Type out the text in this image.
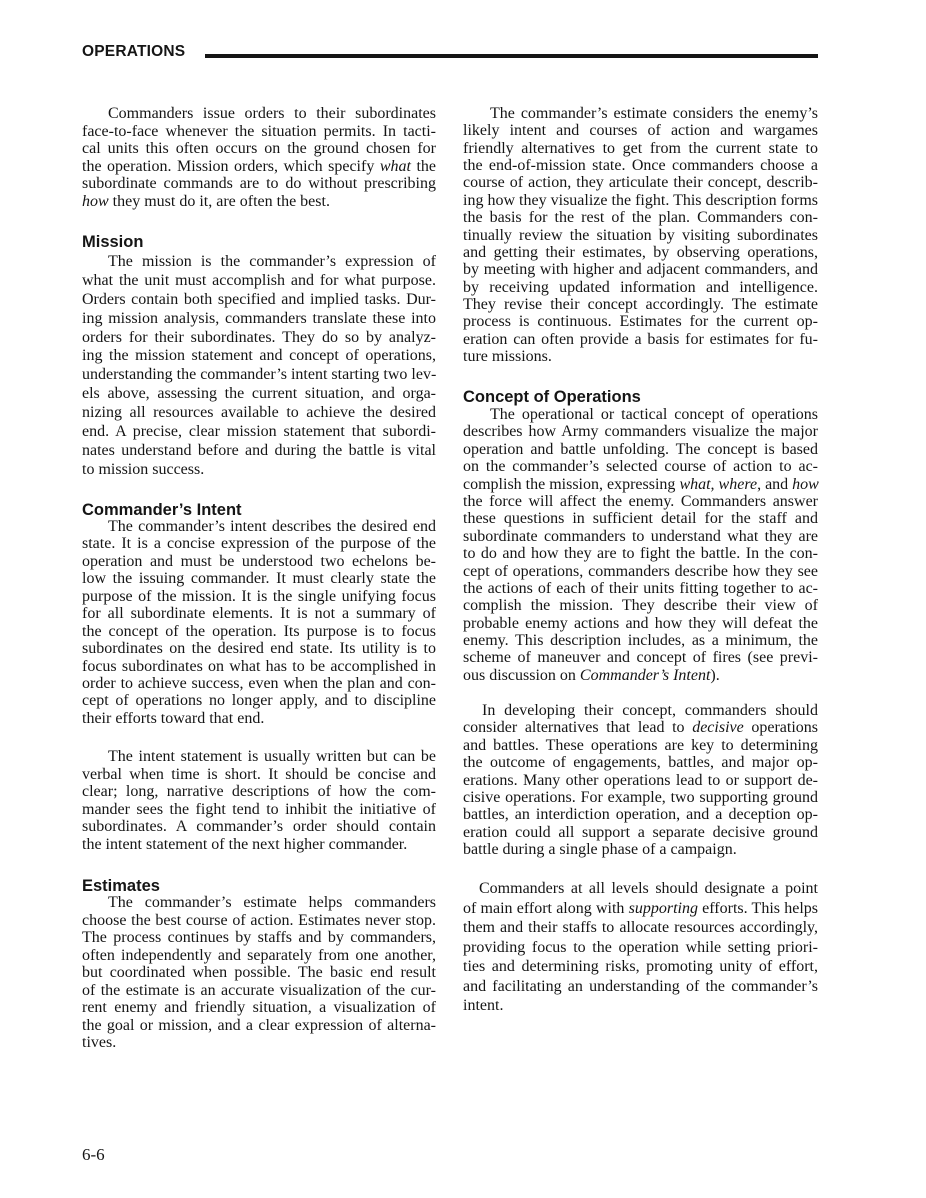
OPERATIONS
Commanders issue orders to their subordinates
face-to-face whenever the situation permits. In tacti-
cal units this often occurs on the ground chosen for
the operation. Mission orders, which specify what the
subordinate commands are to do without prescribing
how they must do it, are often the best.
Mission
The mission is the commander’s expression of
what the unit must accomplish and for what purpose.
Orders contain both specified and implied tasks. Dur-
ing mission analysis, commanders translate these into
orders for their subordinates. They do so by analyz-
ing the mission statement and concept of operations,
understanding the commander’s intent starting two lev-
els above, assessing the current situation, and orga-
nizing all resources available to achieve the desired
end. A precise, clear mission statement that subordi-
nates understand before and during the battle is vital
to mission success.
Commander’s Intent
The commander’s intent describes the desired end
state. It is a concise expression of the purpose of the
operation and must be understood two echelons be-
low the issuing commander. It must clearly state the
purpose of the mission. It is the single unifying focus
for all subordinate elements. It is not a summary of
the concept of the operation. Its purpose is to focus
subordinates on the desired end state. Its utility is to
focus subordinates on what has to be accomplished in
order to achieve success, even when the plan and con-
cept of operations no longer apply, and to discipline
their efforts toward that end.
The intent statement is usually written but can be
verbal when time is short. It should be concise and
clear; long, narrative descriptions of how the com-
mander sees the fight tend to inhibit the initiative of
subordinates. A commander’s order should contain
the intent statement of the next higher commander.
Estimates
The commander’s estimate helps commanders
choose the best course of action. Estimates never stop.
The process continues by staffs and by commanders,
often independently and separately from one another,
but coordinated when possible. The basic end result
of the estimate is an accurate visualization of the cur-
rent enemy and friendly situation, a visualization of
the goal or mission, and a clear expression of alterna-
tives.
The commander’s estimate considers the enemy’s
likely intent and courses of action and wargames
friendly alternatives to get from the current state to
the end-of-mission state. Once commanders choose a
course of action, they articulate their concept, describ-
ing how they visualize the fight. This description forms
the basis for the rest of the plan. Commanders con-
tinually review the situation by visiting subordinates
and getting their estimates, by observing operations,
by meeting with higher and adjacent commanders, and
by receiving updated information and intelligence.
They revise their concept accordingly. The estimate
process is continuous. Estimates for the current op-
eration can often provide a basis for estimates for fu-
ture missions.
Concept of Operations
The operational or tactical concept of operations
describes how Army commanders visualize the major
operation and battle unfolding. The concept is based
on the commander’s selected course of action to ac-
complish the mission, expressing what, where, and how
the force will affect the enemy. Commanders answer
these questions in sufficient detail for the staff and
subordinate commanders to understand what they are
to do and how they are to fight the battle. In the con-
cept of operations, commanders describe how they see
the actions of each of their units fitting together to ac-
complish the mission. They describe their view of
probable enemy actions and how they will defeat the
enemy. This description includes, as a minimum, the
scheme of maneuver and concept of fires (see previ-
ous discussion on Commander’s Intent).
In developing their concept, commanders should
consider alternatives that lead to decisive operations
and battles. These operations are key to determining
the outcome of engagements, battles, and major op-
erations. Many other operations lead to or support de-
cisive operations. For example, two supporting ground
battles, an interdiction operation, and a deception op-
eration could all support a separate decisive ground
battle during a single phase of a campaign.
Commanders at all levels should designate a point
of main effort along with supporting efforts. This helps
them and their staffs to allocate resources accordingly,
providing focus to the operation while setting priori-
ties and determining risks, promoting unity of effort,
and facilitating an understanding of the commander’s
intent.
6-6
